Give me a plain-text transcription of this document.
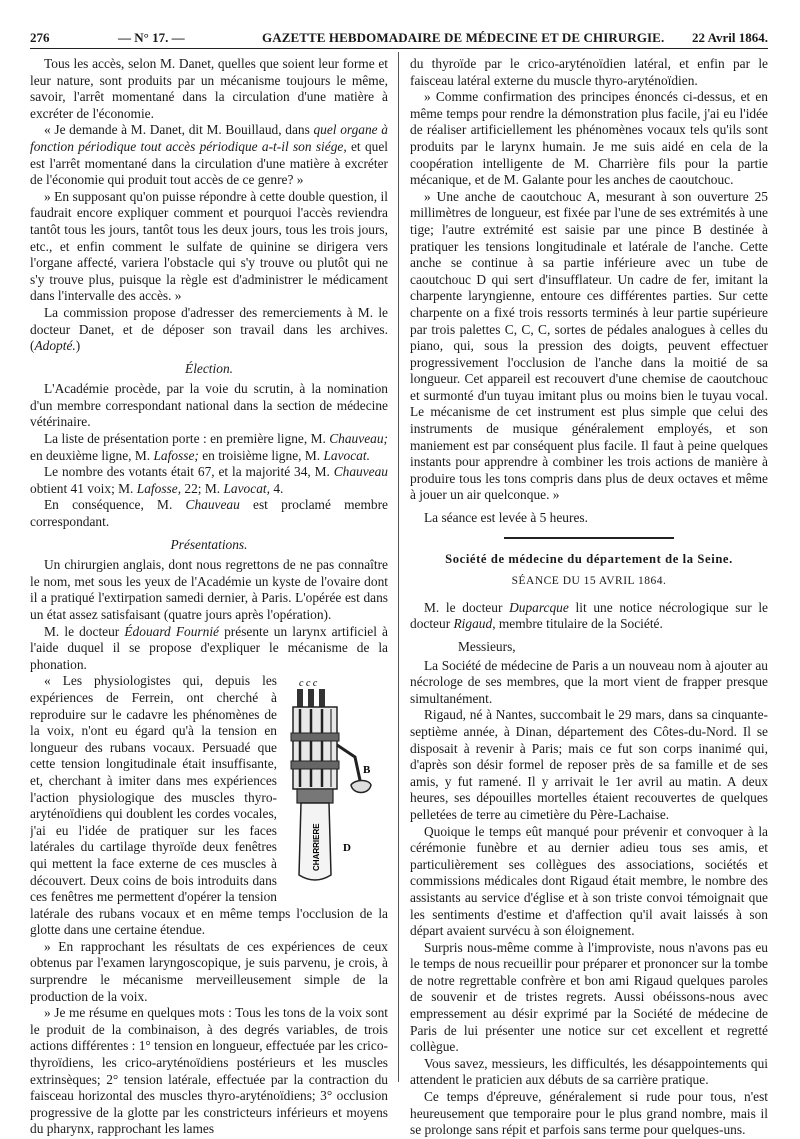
276	— N° 17. —	GAZETTE HEBDOMADAIRE DE MÉDECINE ET DE CHIRURGIE. 22 Avril 1864.

Tous les accès, selon M. Danet, quelles que soient leur forme et leur nature, sont produits par un mécanisme toujours le même, savoir, l'arrêt momentané dans la circulation d'une matière à excréter de l'économie.

« Je demande à M. Danet, dit M. Bouillaud, dans quel organe à fonction périodique tout accès périodique a-t-il son siége, et quel est l'arrêt momentané dans la circulation d'une matière à excréter de l'économie qui produit tout accès de ce genre? »

» En supposant qu'on puisse répondre à cette double question, il faudrait encore expliquer comment et pourquoi l'accès reviendra tantôt tous les jours, tantôt tous les deux jours, tous les trois jours, etc., et enfin comment le sulfate de quinine se dirigera vers l'organe affecté, variera l'obstacle qui s'y trouve ou plutôt qui ne s'y trouve plus, puisque la règle est d'administrer le médicament dans l'intervalle des accès. »

La commission propose d'adresser des remerciements à M. le docteur Danet, et de déposer son travail dans les archives. (Adopté.)

Élection.

L'Académie procède, par la voie du scrutin, à la nomination d'un membre correspondant national dans la section de médecine vétérinaire.

La liste de présentation porte : en première ligne, M. Chauveau; en deuxième ligne, M. Lafosse; en troisième ligne, M. Lavocat.

Le nombre des votants était 67, et la majorité 34, M. Chauveau obtient 41 voix; M. Lafosse, 22; M. Lavocat, 4.

En conséquence, M. Chauveau est proclamé membre correspondant.

Présentations.

Un chirurgien anglais, dont nous regrettons de ne pas connaître le nom, met sous les yeux de l'Académie un kyste de l'ovaire dont il a pratiqué l'extirpation samedi dernier, à Paris. L'opérée est dans un état assez satisfaisant (quatre jours après l'opération).

M. le docteur Édouard Fournié présente un larynx artificiel à l'aide duquel il se propose d'expliquer le mécanisme de la phonation.

c c c
B
CHARRIERE D

« Les physiologistes qui, depuis les expériences de Ferrein, ont cherché à reproduire sur le cadavre les phénomènes de la voix, n'ont eu égard qu'à la tension en longueur des rubans vocaux. Persuadé que cette tension longitudinale était insuffisante, et, cherchant à imiter dans mes expériences l'action physiologique des muscles thyro-aryténoïdiens qui doublent les cordes vocales, j'ai eu l'idée de pratiquer sur les faces latérales du cartilage thyroïde deux fenêtres qui mettent la face externe de ces muscles à découvert. Deux coins de bois introduits dans ces fenêtres me permettent d'opérer la tension latérale des rubans vocaux et en même temps l'occlusion de la glotte dans une certaine étendue.

» En rapprochant les résultats de ces expériences de ceux obtenus par l'examen laryngoscopique, je suis parvenu, je crois, à surprendre le mécanisme merveilleusement simple de la production de la voix.

» Je me résume en quelques mots : Tous les tons de la voix sont le produit de la combinaison, à des degrés variables, de trois actions différentes : 1° tension en longueur, effectuée par les crico-thyroïdiens, les crico-aryténoïdiens postérieurs et les muscles extrinsèques; 2° tension latérale, effectuée par la contraction du faisceau horizontal des muscles thyro-aryténoïdiens; 3° occlusion progressive de la glotte par les constricteurs inférieurs et moyens du pharynx, rapprochant les lames

du thyroïde par le crico-aryténoïdien latéral, et enfin par le faisceau latéral externe du muscle thyro-aryténoïdien.

» Comme confirmation des principes énoncés ci-dessus, et en même temps pour rendre la démonstration plus facile, j'ai eu l'idée de réaliser artificiellement les phénomènes vocaux tels qu'ils sont produits par le larynx humain. Je me suis aidé en cela de la coopération intelligente de M. Charrière fils pour la partie mécanique, et de M. Galante pour les anches de caoutchouc.

» Une anche de caoutchouc A, mesurant à son ouverture 25 millimètres de longueur, est fixée par l'une de ses extrémités à une tige; l'autre extrémité est saisie par une pince B destinée à pratiquer les tensions longitudinale et latérale de l'anche. Cette anche se continue à sa partie inférieure avec un tube de caoutchouc D qui sert d'insufflateur. Un cadre de fer, imitant la charpente laryngienne, entoure ces différentes parties. Sur cette charpente on a fixé trois ressorts terminés à leur partie supérieure par trois palettes C, C, C, sortes de pédales analogues à celles du piano, qui, sous la pression des doigts, peuvent effectuer progressivement l'occlusion de l'anche dans la moitié de sa longueur. Cet appareil est recouvert d'une chemise de caoutchouc et surmonté d'un tuyau imitant plus ou moins bien le tuyau vocal. Le mécanisme de cet instrument est plus simple que celui des instruments de musique généralement employés, et son maniement est par conséquent plus facile. Il faut à peine quelques instants pour apprendre à combiner les trois actions de manière à produire tous les tons compris dans plus de deux octaves et même à jouer un air quelconque. »

La séance est levée à 5 heures.

Société de médecine du département de la Seine.
SÉANCE DU 15 AVRIL 1864.

M. le docteur Duparcque lit une notice nécrologique sur le docteur Rigaud, membre titulaire de la Société.

Messieurs,

La Société de médecine de Paris a un nouveau nom à ajouter au nécrologe de ses membres, que la mort vient de frapper presque simultanément.

Rigaud, né à Nantes, succombait le 29 mars, dans sa cinquante-septième année, à Dinan, département des Côtes-du-Nord. Il se disposait à revenir à Paris; mais ce fut son corps inanimé qui, d'après son désir formel de reposer près de sa famille et de ses amis, y fut ramené. Il y arrivait le 1er avril au matin. A deux heures, ses dépouilles mortelles étaient recouvertes de quelques pelletées de terre au cimetière du Père-Lachaise.

Quoique le temps eût manqué pour prévenir et convoquer à la cérémonie funèbre et au dernier adieu tous ses amis, et particulièrement ses collègues des associations, sociétés et commissions médicales dont Rigaud était membre, le nombre des assistants au service d'église et à son triste convoi témoignait que les sentiments d'estime et d'affection qu'il avait laissés à son départ avaient survécu à son éloignement.

Surpris nous-même comme à l'improviste, nous n'avons pas eu le temps de nous recueillir pour préparer et prononcer sur la tombe de notre regrettable confrère et bon ami Rigaud quelques paroles de souvenir et de tristes regrets. Aussi obéissons-nous avec empressement au désir exprimé par la Société de médecine de Paris de lui présenter une notice sur cet excellent et regretté collègue.

Vous savez, messieurs, les difficultés, les désappointements qui attendent le praticien aux débuts de sa carrière pratique.

Ce temps d'épreuve, généralement si rude pour tous, n'est heureusement que temporaire pour le plus grand nombre, mais il se prolonge sans répit et parfois sans terme pour quelques-uns.
